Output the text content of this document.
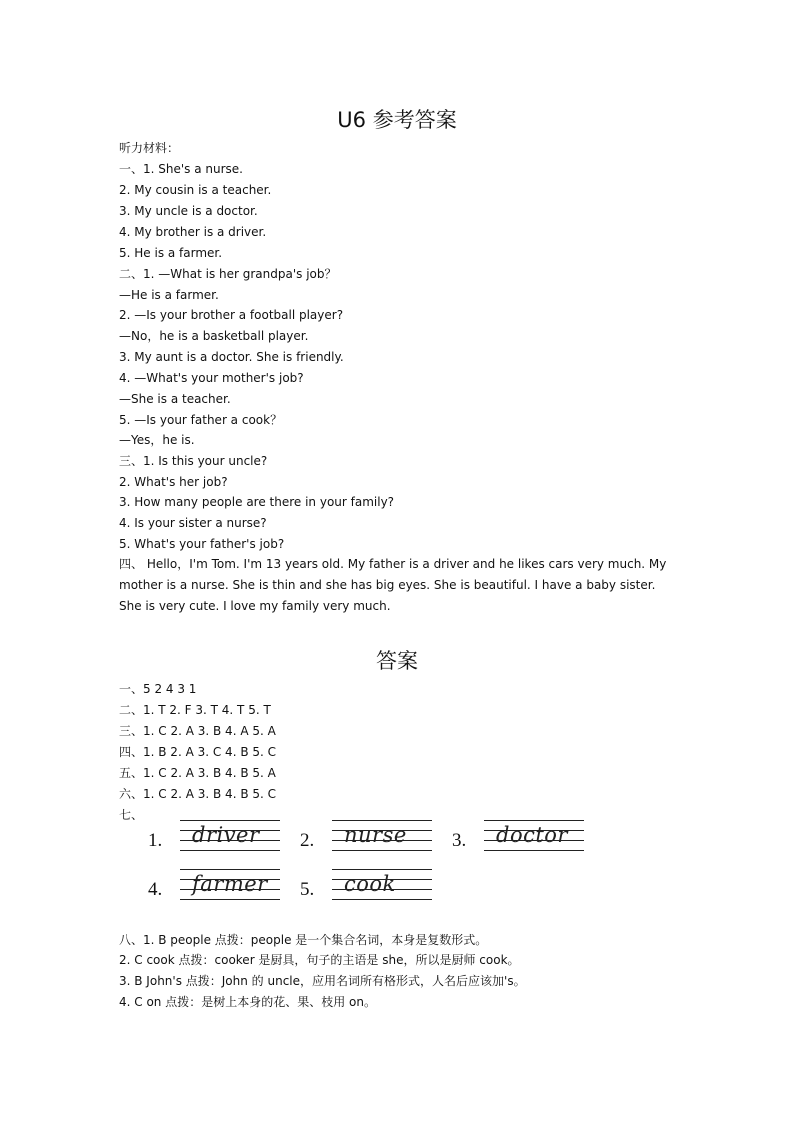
U6 参考答案
听力材料：
一、1. She's a nurse.
2. My cousin is a teacher.
3. My uncle is a doctor.
4. My brother is a driver.
5. He is a farmer.
二、1. —What is her grandpa's job？
—He is a farmer.
2. —Is your brother a football player?
—No，he is a basketball player.
3. My aunt is a doctor. She is friendly.
4. —What's your mother's job?
—She is a teacher.
5. —Is your father a cook？
—Yes，he is.
三、1. Is this your uncle?
2. What's her job?
3. How many people are there in your family?
4. Is your sister a nurse?
5. What's your father's job?
四、 Hello，I'm Tom. I'm 13 years old. My father is a driver and he likes cars very much. My mother is a nurse. She is thin and she has big eyes. She is beautiful. I have a baby sister. She is very cute. I love my family very much.
答案
一、5 2 4 3 1
二、1. T 2. F 3. T 4. T 5. T
三、1. C 2. A 3. B 4. A 5. A
四、1. B 2. A 3. C 4. B 5. C
五、1. C 2. A 3. B 4. B 5. A
六、1. C 2. A 3. B 4. B 5. C
七、
1. driver 2. nurse 3. doctor
4. farmer 5. cook
八、1. B people 点拨：people 是一个集合名词，本身是复数形式。
2. C cook 点拨：cooker 是厨具，句子的主语是 she，所以是厨师 cook。
3. B John's 点拨：John 的 uncle，应用名词所有格形式，人名后应该加's。
4. C on 点拨：是树上本身的花、果、枝用 on。
